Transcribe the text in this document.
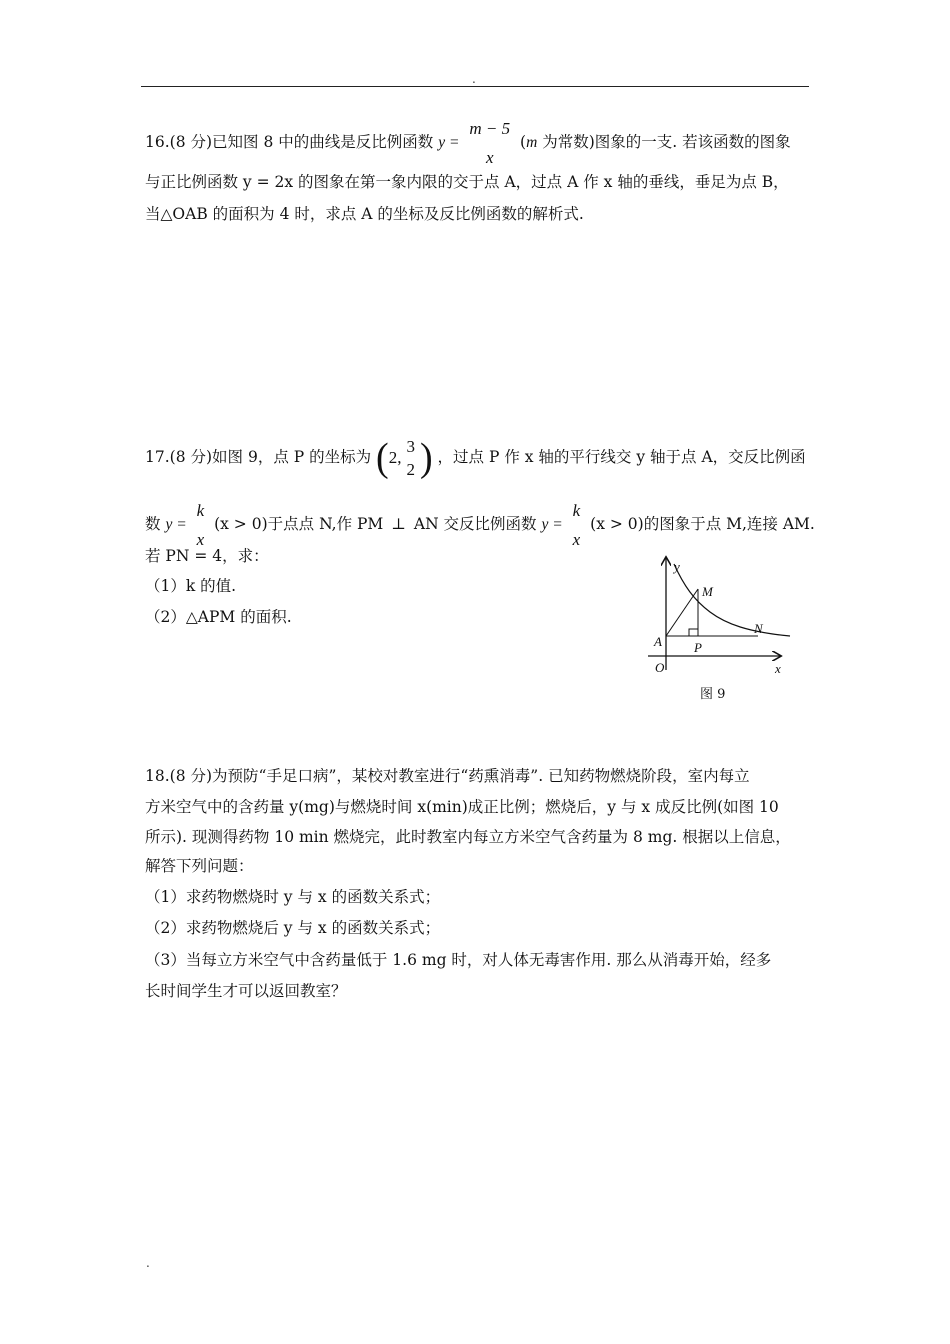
.
16.(8 分)已知图 8 中的曲线是反比例函数 y =
m − 5
x
(m 为常数)图象的一支. 若该函数的图象
与正比例函数 y = 2x 的图象在第一象内限的交于点 A，过点 A 作 x 轴的垂线，垂足为点 B，
当△OAB 的面积为 4 时，求点 A 的坐标及反比例函数的解析式.
17.(8 分)如图 9，点 P 的坐标为 (2,
3
2 ) ，过点 P 作 x 轴的平行线交 y 轴于点 A，交反比例函
数 y =
k
x
(x > 0)于点点 N,作 PM ⊥ AN 交反比例函数 y =
k
x
(x > 0)的图象于点 M,连接 AM.
若 PN = 4，求：
（1）k 的值.
（2）△APM 的面积.
y
M
N
A P
O	x
图 9
18.(8 分)为预防“手足口病”，某校对教室进行“药熏消毒”. 已知药物燃烧阶段，室内每立
方米空气中的含药量 y(mg)与燃烧时间 x(min)成正比例；燃烧后，y 与 x 成反比例(如图 10
所示). 现测得药物 10 min 燃烧完，此时教室内每立方米空气含药量为 8 mg. 根据以上信息，
解答下列问题：
（1）求药物燃烧时 y 与 x 的函数关系式；
（2）求药物燃烧后 y 与 x 的函数关系式；
（3）当每立方米空气中含药量低于 1.6 mg 时，对人体无毒害作用. 那么从消毒开始，经多
长时间学生才可以返回教室？
.
